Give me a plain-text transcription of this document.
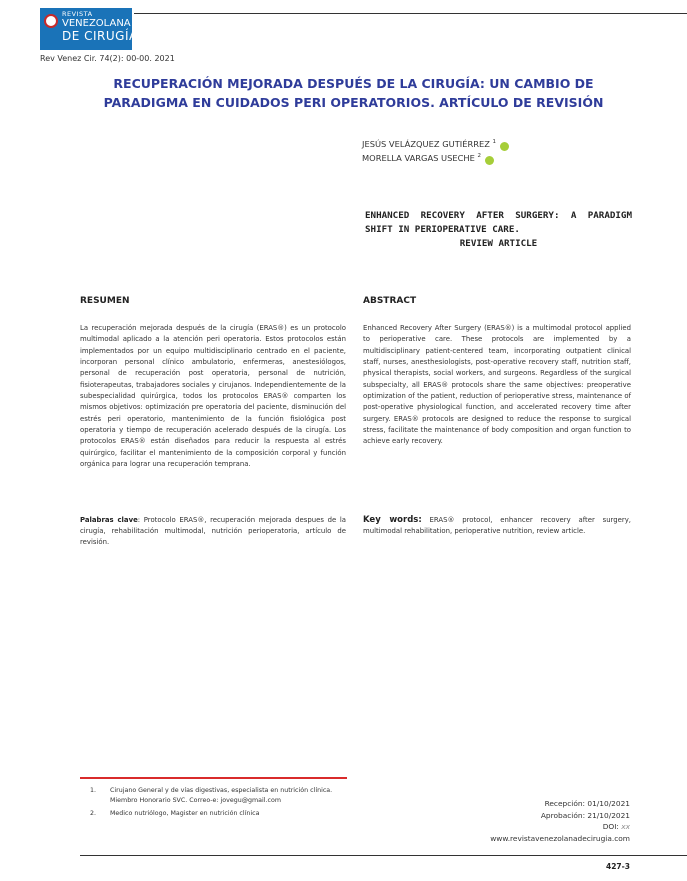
REVISTA
VENEZOLANA
DE CIRUGÍA
Rev Venez Cir. 74(2): 00-00. 2021
RECUPERACIÓN MEJORADA DESPUÉS DE LA CIRUGÍA: UN CAMBIO DE PARADIGMA EN CUIDADOS PERI OPERATORIOS. ARTÍCULO DE REVISIÓN
JESÚS VELÁZQUEZ GUTIÉRREZ $^1$
MORELLA VARGAS USECHE $^2$
ENHANCED RECOVERY AFTER SURGERY: A PARADIGM SHIFT IN PERIOPERATIVE CARE.
REVIEW ARTICLE
RESUMEN	ABSTRACT
La recuperación mejorada después de la cirugía (ERAS®) es un protocolo multimodal aplicado a la atención peri operatoria. Estos protocolos están implementados por un equipo multidisciplinario centrado en el paciente, incorporan personal clínico ambulatorio, enfermeras, anestesiólogos, personal de recuperación post operatoria, personal de nutrición, fisioterapeutas, trabajadores sociales y cirujanos. Independientemente de la subespecialidad quirúrgica, todos los protocolos ERAS® comparten los mismos objetivos: optimización pre operatoria del paciente, disminución del estrés peri operatorio, mantenimiento de la función fisiológica post operatoria y tiempo de recuperación acelerado después de la cirugía. Los protocolos ERAS® están diseñados para reducir la respuesta al estrés quirúrgico, facilitar el mantenimiento de la composición corporal y función orgánica para lograr una recuperación temprana.
Enhanced Recovery After Surgery (ERAS®) is a multimodal protocol applied to perioperative care. These protocols are implemented by a multidisciplinary patient-centered team, incorporating outpatient clinical staff, nurses, anesthesiologists, post-operative recovery staff, nutrition staff, physical therapists, social workers, and surgeons. Regardless of the surgical subspecialty, all ERAS® protocols share the same objectives: preoperative optimization of the patient, reduction of perioperative stress, maintenance of post-operative physiological function, and accelerated recovery time after surgery. ERAS® protocols are designed to reduce the response to surgical stress, facilitate the maintenance of body composition and organ function to achieve early recovery.
Palabras clave: Protocolo ERAS®, recuperación mejorada despues de la cirugía, rehabilitación multimodal, nutrición perioperatoria, artículo de revisión.
Key words: ERAS® protocol, enhancer recovery after surgery, multimodal rehabilitation, perioperative nutrition, review article.
1. Cirujano General y de vías digestivas, especialista en nutrición clínica. Miembro Honorario SVC. Correo-e: jovegu@gmail.com
2. Medico nutriólogo, Magister en nutrición clínica
Recepción: 01/10/2021
Aprobación: 21/10/2021
DOI: xx
www.revistavenezolanadecirugia.com
427-3
